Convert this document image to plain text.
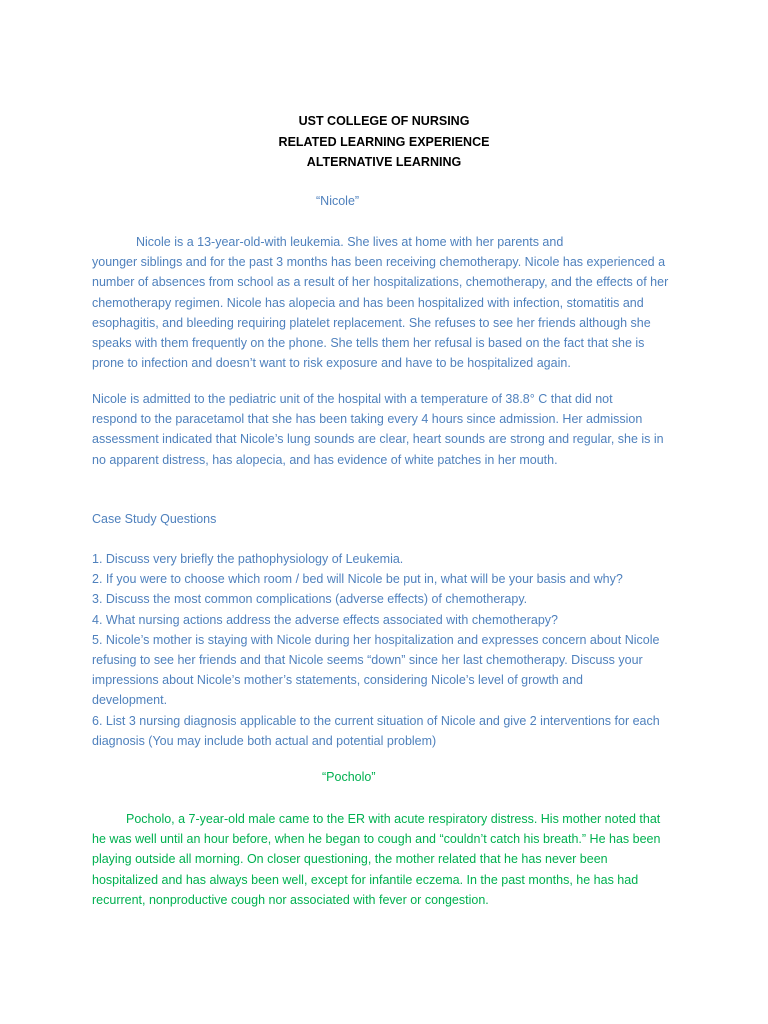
UST COLLEGE OF NURSING
RELATED LEARNING EXPERIENCE
ALTERNATIVE LEARNING
“Nicole”
Nicole is a 13-year-old-with leukemia. She lives at home with her parents and
younger siblings and for the past 3 months has been receiving chemotherapy. Nicole has experienced a
number of absences from school as a result of her hospitalizations, chemotherapy, and the effects of her
chemotherapy regimen. Nicole has alopecia and has been hospitalized with infection, stomatitis and
esophagitis, and bleeding requiring platelet replacement. She refuses to see her friends although she
speaks with them frequently on the phone. She tells them her refusal is based on the fact that she is
prone to infection and doesn’t want to risk exposure and have to be hospitalized again.
Nicole is admitted to the pediatric unit of the hospital with a temperature of 38.8° C that did not
respond to the paracetamol that she has been taking every 4 hours since admission. Her admission
assessment indicated that Nicole’s lung sounds are clear, heart sounds are strong and regular, she is in
no apparent distress, has alopecia, and has evidence of white patches in her mouth.
Case Study Questions
1. Discuss very briefly the pathophysiology of Leukemia.
2. If you were to choose which room / bed will Nicole be put in, what will be your basis and why?
3. Discuss the most common complications (adverse effects) of chemotherapy.
4. What nursing actions address the adverse effects associated with chemotherapy?
5. Nicole’s mother is staying with Nicole during her hospitalization and expresses concern about Nicole
refusing to see her friends and that Nicole seems “down” since her last chemotherapy. Discuss your
impressions about Nicole’s mother’s statements, considering Nicole’s level of growth and
development.
6. List 3 nursing diagnosis applicable to the current situation of Nicole and give 2 interventions for each
diagnosis (You may include both actual and potential problem)
“Pocholo”
Pocholo, a 7-year-old male came to the ER with acute respiratory distress. His mother noted that
he was well until an hour before, when he began to cough and “couldn’t catch his breath.” He has been
playing outside all morning. On closer questioning, the mother related that he has never been
hospitalized and has always been well, except for infantile eczema. In the past months, he has had
recurrent, nonproductive cough nor associated with fever or congestion.
